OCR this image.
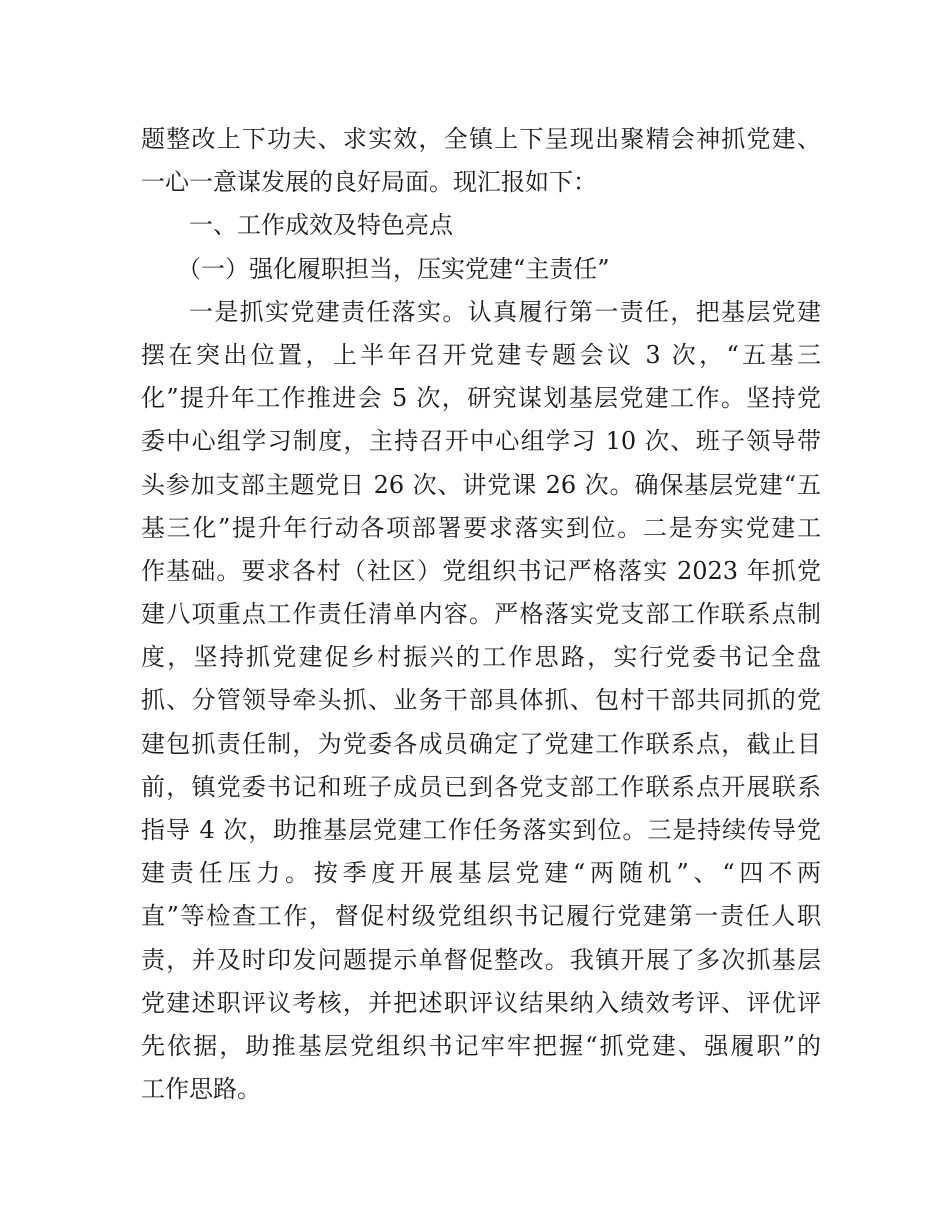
题整改上下功夫、求实效，全镇上下呈现出聚精会神抓党建、
一心一意谋发展的良好局面。现汇报如下：
一、工作成效及特色亮点
（一）强化履职担当，压实党建“主责任”
一是抓实党建责任落实。认真履行第一责任，把基层党建
摆在突出位置，上半年召开党建专题会议 3 次，“五基三
化”提升年工作推进会 5 次，研究谋划基层党建工作。坚持党
委中心组学习制度，主持召开中心组学习 10 次、班子领导带
头参加支部主题党日 26 次、讲党课 26 次。确保基层党建“五
基三化”提升年行动各项部署要求落实到位。二是夯实党建工
作基础。要求各村（社区）党组织书记严格落实 2023 年抓党
建八项重点工作责任清单内容。严格落实党支部工作联系点制
度，坚持抓党建促乡村振兴的工作思路，实行党委书记全盘
抓、分管领导牵头抓、业务干部具体抓、包村干部共同抓的党
建包抓责任制，为党委各成员确定了党建工作联系点，截止目
前，镇党委书记和班子成员已到各党支部工作联系点开展联系
指导 4 次，助推基层党建工作任务落实到位。三是持续传导党
建责任压力。按季度开展基层党建“两随机”、“四不两
直”等检查工作，督促村级党组织书记履行党建第一责任人职
责，并及时印发问题提示单督促整改。我镇开展了多次抓基层
党建述职评议考核，并把述职评议结果纳入绩效考评、评优评
先依据，助推基层党组织书记牢牢把握“抓党建、强履职”的
工作思路。
